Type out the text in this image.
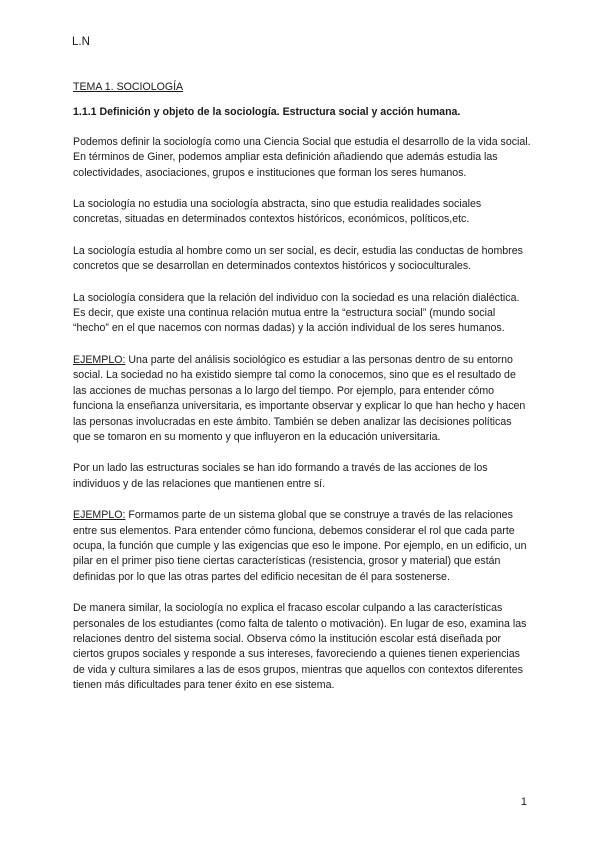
L.N

TEMA 1. SOCIOLOGÍA

1.1.1 Definición y objeto de la sociología. Estructura social y acción humana.

Podemos definir la sociología como una Ciencia Social que estudia el desarrollo de la vida social. En términos de Giner, podemos ampliar esta definición añadiendo que además estudia las colectividades, asociaciones, grupos e instituciones que forman los seres humanos.

La sociología no estudia una sociología abstracta, sino que estudia realidades sociales concretas, situadas en determinados contextos históricos, económicos, políticos,etc.

La sociología estudia al hombre como un ser social, es decir, estudia las conductas de hombres concretos que se desarrollan en determinados contextos históricos y socioculturales.

La sociología considera que la relación del individuo con la sociedad es una relación dialéctica. Es decir, que existe una continua relación mutua entre la “estructura social” (mundo social “hecho” en el que nacemos con normas dadas) y la acción individual de los seres humanos.

EJEMPLO: Una parte del análisis sociológico es estudiar a las personas dentro de su entorno social. La sociedad no ha existido siempre tal como la conocemos, sino que es el resultado de las acciones de muchas personas a lo largo del tiempo. Por ejemplo, para entender cómo funciona la enseñanza universitaria, es importante observar y explicar lo que han hecho y hacen las personas involucradas en este ámbito. También se deben analizar las decisiones políticas que se tomaron en su momento y que influyeron en la educación universitaria.

Por un lado las estructuras sociales se han ido formando a través de las acciones de los individuos y de las relaciones que mantienen entre sí.

EJEMPLO: Formamos parte de un sistema global que se construye a través de las relaciones entre sus elementos. Para entender cómo funciona, debemos considerar el rol que cada parte ocupa, la función que cumple y las exigencias que eso le impone. Por ejemplo, en un edificio, un pilar en el primer piso tiene ciertas características (resistencia, grosor y material) que están definidas por lo que las otras partes del edificio necesitan de él para sostenerse.

De manera similar, la sociología no explica el fracaso escolar culpando a las características personales de los estudiantes (como falta de talento o motivación). En lugar de eso, examina las relaciones dentro del sistema social. Observa cómo la institución escolar está diseñada por ciertos grupos sociales y responde a sus intereses, favoreciendo a quienes tienen experiencias de vida y cultura similares a las de esos grupos, mientras que aquellos con contextos diferentes tienen más dificultades para tener éxito en ese sistema.

1
